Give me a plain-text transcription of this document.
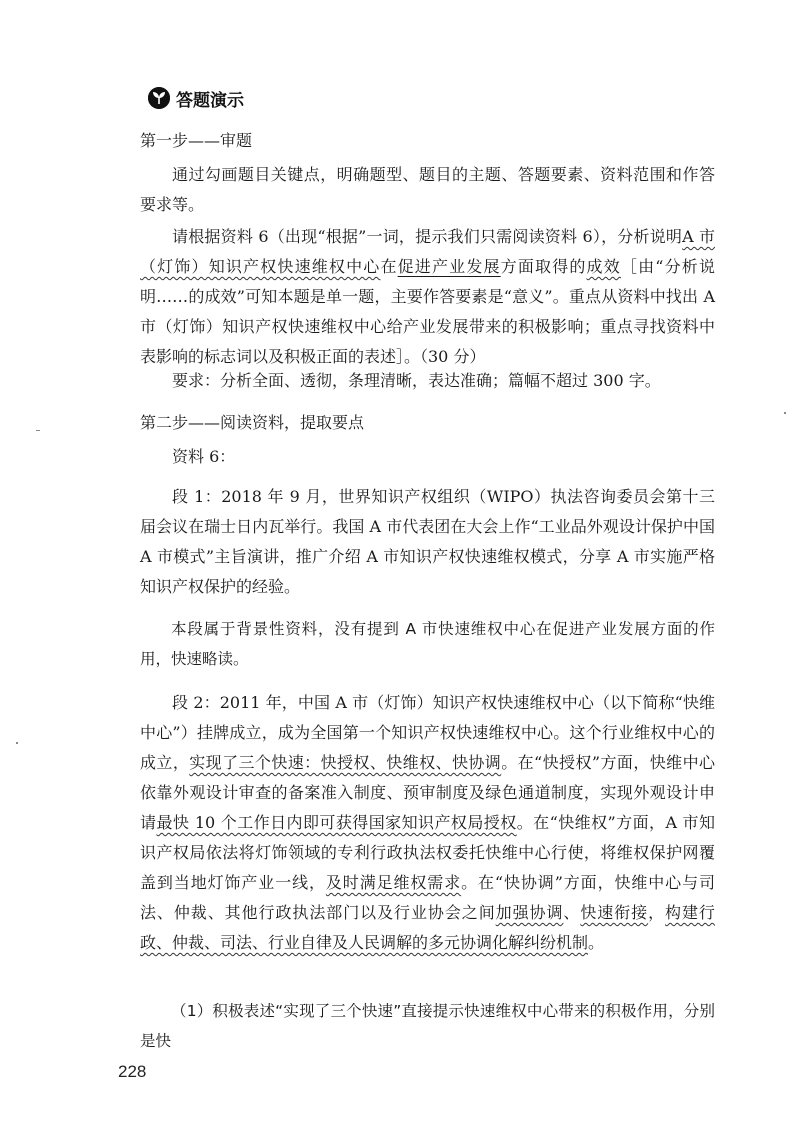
答题演示

第一步——审题

通过勾画题目关键点，明确题型、题目的主题、答题要素、资料范围和作答要求等。

请根据资料 6（出现“根据”一词，提示我们只需阅读资料 6），分析说明A 市（灯饰）知识产权快速维权中心在促进产业发展方面取得的成效［由“分析说明……的成效”可知本题是单一题，主要作答要素是“意义”。重点从资料中找出 A 市（灯饰）知识产权快速维权中心给产业发展带来的积极影响；重点寻找资料中表影响的标志词以及积极正面的表述］。（30 分）

要求：分析全面、透彻，条理清晰，表达准确；篇幅不超过 300 字。

第二步——阅读资料，提取要点

资料 6：

段 1：2018 年 9 月，世界知识产权组织（WIPO）执法咨询委员会第十三届会议在瑞士日内瓦举行。我国 A 市代表团在大会上作“工业品外观设计保护中国 A 市模式”主旨演讲，推广介绍 A 市知识产权快速维权模式，分享 A 市实施严格知识产权保护的经验。

本段属于背景性资料，没有提到 A 市快速维权中心在促进产业发展方面的作用，快速略读。

段 2：2011 年，中国 A 市（灯饰）知识产权快速维权中心（以下简称“快维中心”）挂牌成立，成为全国第一个知识产权快速维权中心。这个行业维权中心的成立，实现了三个快速：快授权、快维权、快协调。在“快授权”方面，快维中心依靠外观设计审查的备案准入制度、预审制度及绿色通道制度，实现外观设计申请最快 10 个工作日内即可获得国家知识产权局授权。在“快维权”方面，A 市知识产权局依法将灯饰领域的专利行政执法权委托快维中心行使，将维权保护网覆盖到当地灯饰产业一线，及时满足维权需求。在“快协调”方面，快维中心与司法、仲裁、其他行政执法部门以及行业协会之间加强协调、快速衔接，构建行政、仲裁、司法、行业自律及人民调解的多元协调化解纠纷机制。

（1）积极表述“实现了三个快速”直接提示快速维权中心带来的积极作用，分别是快

228
